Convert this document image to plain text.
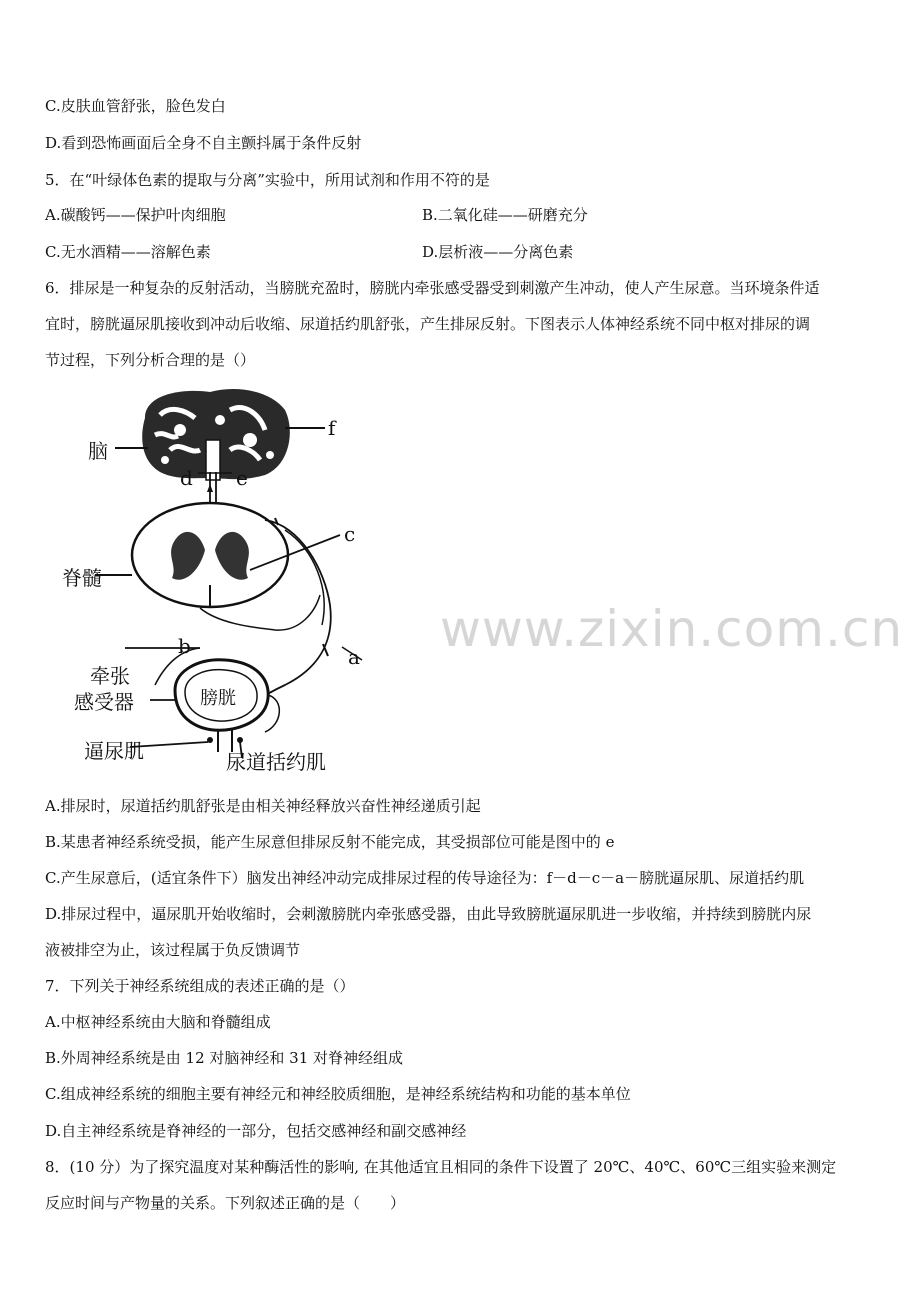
C.皮肤血管舒张，脸色发白
D.看到恐怖画面后全身不自主颤抖属于条件反射
5．在“叶绿体色素的提取与分离”实验中，所用试剂和作用不符的是
A.碳酸钙——保护叶肉细胞	B.二氧化硅——研磨充分
C.无水酒精——溶解色素	D.层析液——分离色素
6．排尿是一种复杂的反射活动，当膀胱充盈时，膀胱内牵张感受器受到刺激产生冲动，使人产生尿意。当环境条件适
宜时，膀胱逼尿肌接收到冲动后收缩、尿道括约肌舒张，产生排尿反射。下图表示人体神经系统不同中枢对排尿的调
节过程，下列分析合理的是（）
脑
f
d e
c
脊髓
b	a
牵张
感受器	膀胱
逼尿肌	尿道括约肌
www.zixin.com.cn
A.排尿时，尿道括约肌舒张是由相关神经释放兴奋性神经递质引起
B.某患者神经系统受损，能产生尿意但排尿反射不能完成，其受损部位可能是图中的 e
C.产生尿意后，(适宜条件下）脑发出神经冲动完成排尿过程的传导途径为：f－d－c－a－膀胱逼尿肌、尿道括约肌
D.排尿过程中，逼尿肌开始收缩时，会刺激膀胱内牵张感受器，由此导致膀胱逼尿肌进一步收缩，并持续到膀胱内尿
液被排空为止，该过程属于负反馈调节
7．下列关于神经系统组成的表述正确的是（）
A.中枢神经系统由大脑和脊髓组成
B.外周神经系统是由 12 对脑神经和 31 对脊神经组成
C.组成神经系统的细胞主要有神经元和神经胶质细胞，是神经系统结构和功能的基本单位
D.自主神经系统是脊神经的一部分，包括交感神经和副交感神经
8．(10 分）为了探究温度对某种酶活性的影响, 在其他适宜且相同的条件下设置了 20℃、40℃、60℃三组实验来测定
反应时间与产物量的关系。下列叙述正确的是（　　）
